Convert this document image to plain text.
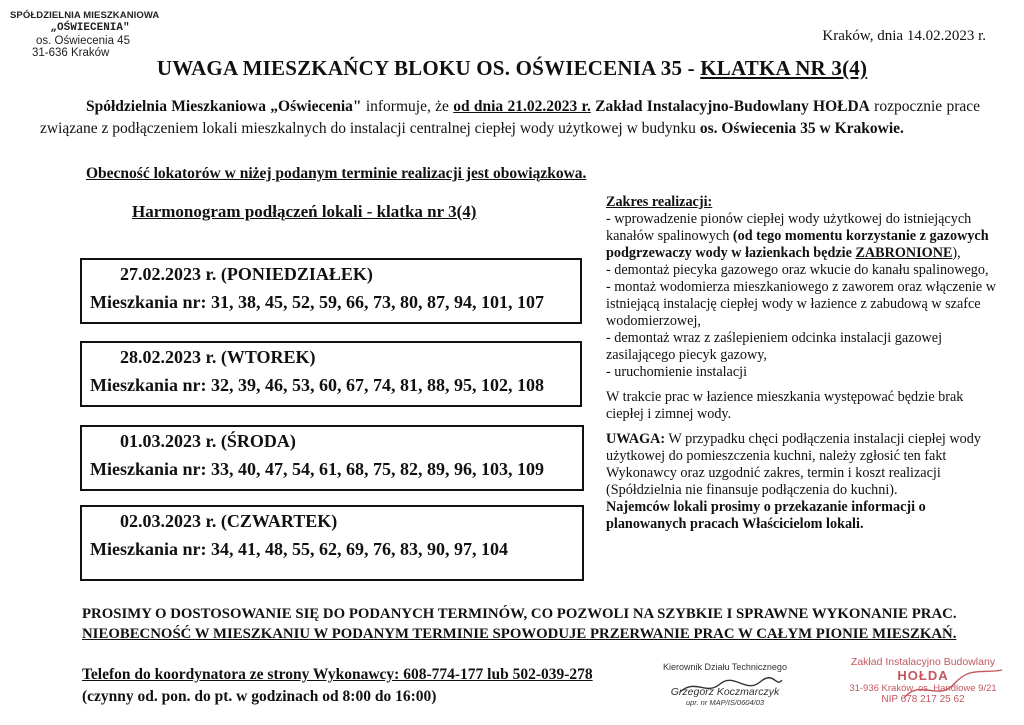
SPÓŁDZIELNIA MIESZKANIOWA
„OŚWIECENIA"
os. Oświecenia 45
31-636 Kraków
Kraków, dnia 14.02.2023 r.
UWAGA MIESZKAŃCY BLOKU OS. OŚWIECENIA 35 - KLATKA NR 3(4)

Spółdzielnia Mieszkaniowa „Oświecenia" informuje, że od dnia 21.02.2023 r. Zakład Instalacyjno-Budowlany HOŁDA rozpocznie prace związane z podłączeniem lokali mieszkalnych do instalacji centralnej ciepłej wody użytkowej w budynku os. Oświecenia 35 w Krakowie.

Obecność lokatorów w niżej podanym terminie realizacji jest obowiązkowa.
Harmonogram podłączeń lokali - klatka nr 3(4)
27.02.2023 r. (PONIEDZIAŁEK)
Mieszkania nr: 31, 38, 45, 52, 59, 66, 73, 80, 87, 94, 101, 107
28.02.2023 r. (WTOREK)
Mieszkania nr: 32, 39, 46, 53, 60, 67, 74, 81, 88, 95, 102, 108
01.03.2023 r. (ŚRODA)
Mieszkania nr: 33, 40, 47, 54, 61, 68, 75, 82, 89, 96, 103, 109
02.03.2023 r. (CZWARTEK)
Mieszkania nr: 34, 41, 48, 55, 62, 69, 76, 83, 90, 97, 104

Zakres realizacji:

- wprowadzenie pionów ciepłej wody użytkowej do istniejących kanałów spalinowych (od tego momentu korzystanie z gazowych podgrzewaczy wody w łazienkach będzie ZABRONIONE),

- demontaż piecyka gazowego oraz wkucie do kanału spalinowego,

- montaż wodomierza mieszkaniowego z zaworem oraz włączenie w istniejącą instalację ciepłej wody w łazience z zabudową w szafce wodomierzowej,

- demontaż wraz z zaślepieniem odcinka instalacji gazowej zasilającego piecyk gazowy,

- uruchomienie instalacji

W trakcie prac w łazience mieszkania występować będzie brak ciepłej i zimnej wody.

UWAGA: W przypadku chęci podłączenia instalacji ciepłej wody użytkowej do pomieszczenia kuchni, należy zgłosić ten fakt Wykonawcy oraz uzgodnić zakres, termin i koszt realizacji (Spółdzielnia nie finansuje podłączenia do kuchni).

Najemców lokali prosimy o przekazanie informacji o planowanych pracach Właścicielom lokali.

PROSIMY O DOSTOSOWANIE SIĘ DO PODANYCH TERMINÓW, CO POZWOLI NA SZYBKIE I SPRAWNE WYKONANIE PRAC.
NIEOBECNOŚĆ W MIESZKANIU W PODANYM TERMINIE SPOWODUJE PRZERWANIE PRAC W CAŁYM PIONIE MIESZKAŃ.
Telefon do koordynatora ze strony Wykonawcy: 608-774-177 lub 502-039-278
(czynny od. pon. do pt. w godzinach od 8:00 do 16:00)
Kierownik Działu Technicznego
Grzegorz Koczmarczyk
upr. nr MAP/IS/0604/03
Zakład Instalacyjno Budowlany
HOŁDA
31-936 Kraków, os. Handlowe 9/21
NIP 678 217 25 62
